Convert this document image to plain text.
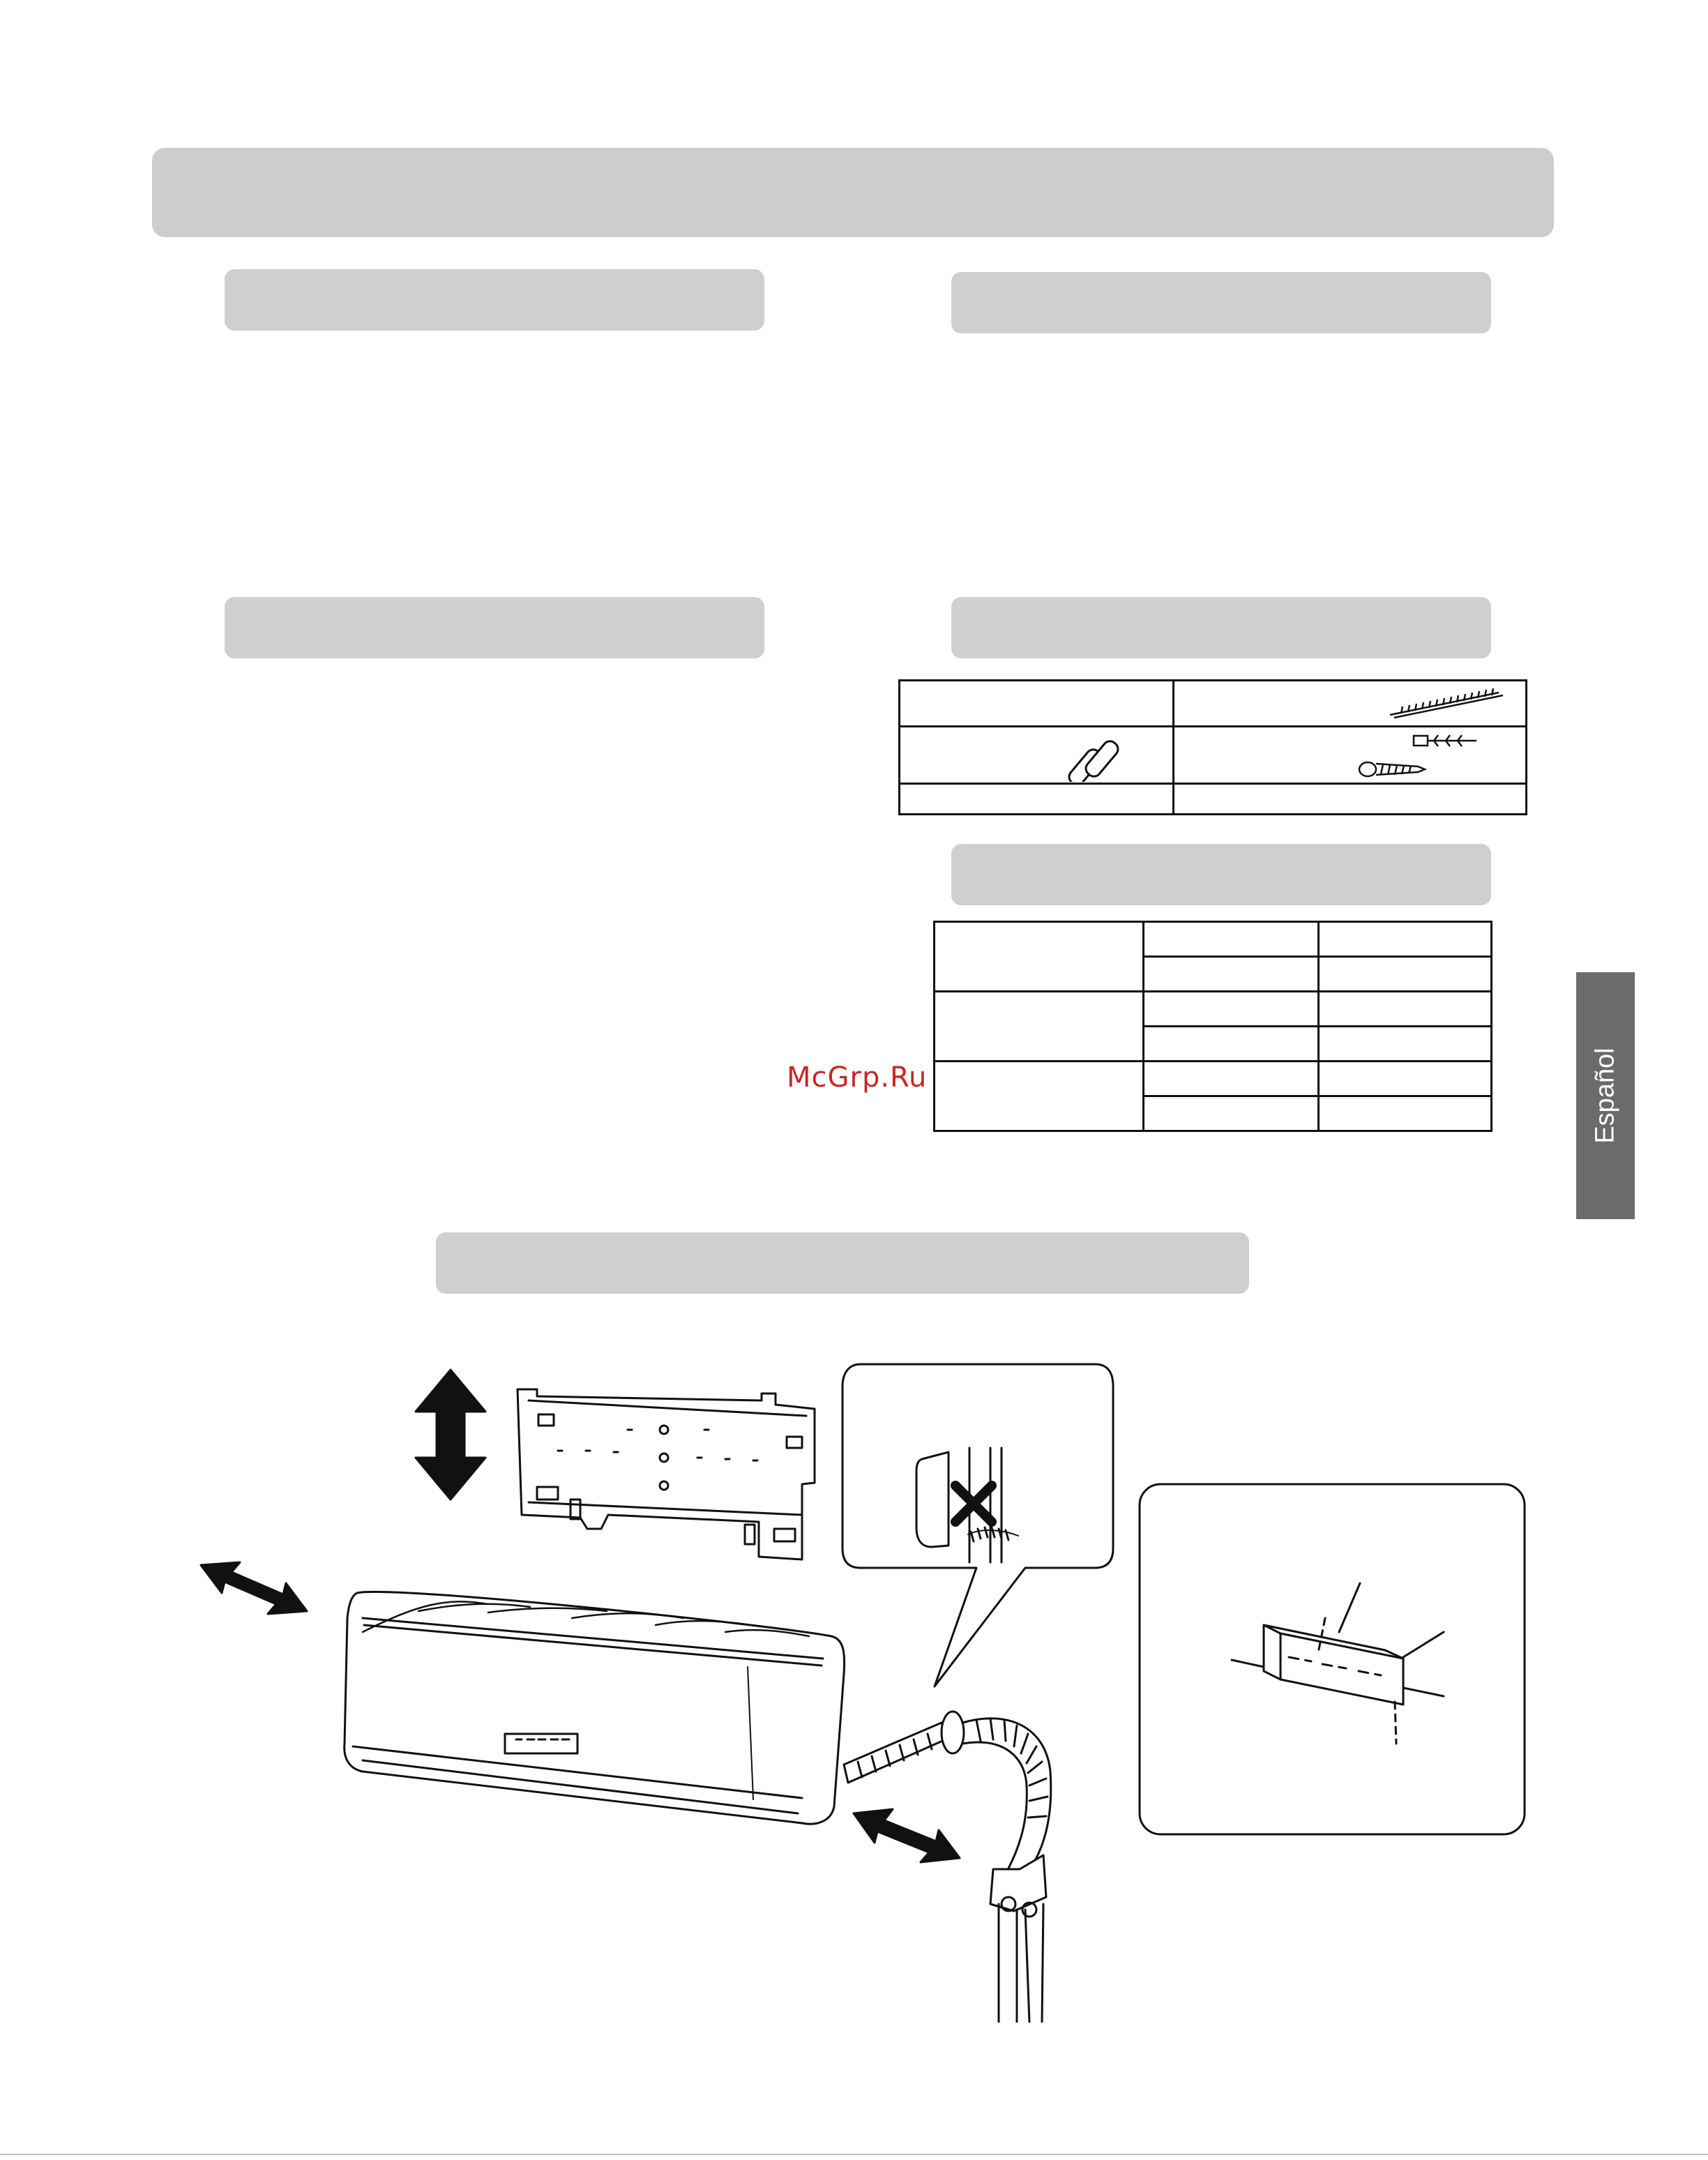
McGrp.Ru	Español
